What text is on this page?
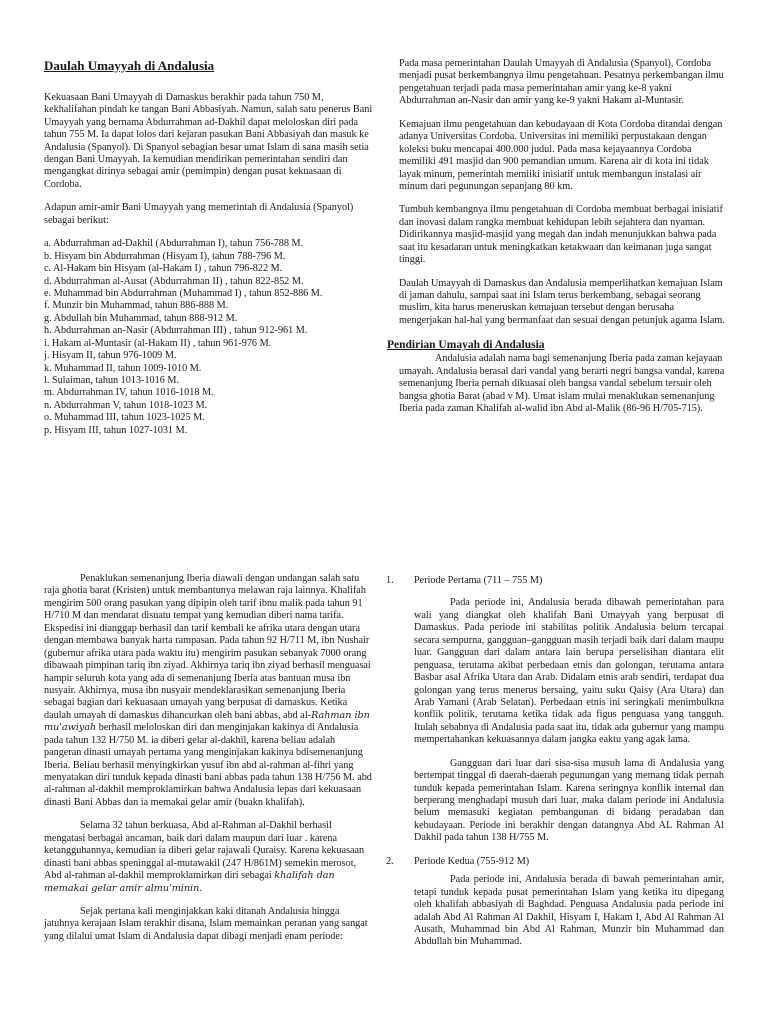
Daulah Umayyah di Andalusia

Kekuasaan Bani Umayyah di Damaskus berakhir pada tahun 750 M, kekhalifahan pindah ke tangan Bani Abbasiyah. Namun, salah satu penerus Bani Umayyah yang bernama Abdurrahman ad-Dakhil dapat meloloskan diri pada tahun 755 M. Ia dapat lolos dari kejaran pasukan Bani Abbasiyah dan masuk ke Andalusia (Spanyol). Di Spanyol sebagian besar umat Islam di sana masih setia dengan Bani Umayyah. Ia kemudian mendirikan pemerintahan sendiri dan mengangkat dirinya sebagai amir (pemimpin) dengan pusat kekuasaan di Cordoba.

Adapun amir-amir Bani Umayyah yang memerintah di Andalusia (Spanyol) sebagai berikut:

a. Abdurrahman ad-Dakhil (Abdurrahman I), tahun 756-788 M.
b. Hisyam bin Abdurrahman (Hisyam I), tahun 788-796 M.
c. Al-Hakam bin Hisyam (al-Hakam I) , tahun 796-822 M.
d. Abdurrahman al-Ausat (Abdurrahman II) , tahun 822-852 M.
e. Muhammad bin Abdurrahman (Muhammad I) , tahun 852-886 M.
f. Munzir bin Muhammad, tahun 886-888 M.
g. Abdullah bin Muhammad, tahun 888-912 M.
h. Abdurrahman an-Nasir (Abdurrahman III) , tahun 912-961 M.
i. Hakam al-Muntasir (al-Hakam II) , tahun 961-976 M.
j. Hisyam II, tahun 976-1009 M.
k. Muhammad II, tahun 1009-1010 M.
l. Sulaiman, tahun 1013-1016 M.
m. Abdurrahman IV, tahun 1016-1018 M.
n. Abdurrahman V, tahun 1018-1023 M.
o. Muhammad III, tahun 1023-1025 M.
p. Hisyam III, tahun 1027-1031 M.

Pada masa pemerintahan Daulah Umayyah di Andalusia (Spanyol), Cordoba menjadi pusat berkembangnya ilmu pengetahuan. Pesatnya perkembangan ilmu pengetahuan terjadi pada masa pemerintahan amir yang ke-8 yakni Abdurrahman an-Nasir dan amir yang ke-9 yakni Hakam al-Muntasir.

Kemajuan ilmu pengetahuan dan kebudayaan di Kota Cordoba ditandai dengan adanya Universitas Cordoba. Universitas ini memiliki perpustakaan dengan koleksi buku mencapai 400.000 judul. Pada masa kejayaannya Cordoba memiliki 491 masjid dan 900 pemandian umum. Karena air di kota ini tidak layak minum, pemerintah memiiki inisiatif untuk membangun instalasi air minum dari pegunungan sepanjang 80 km.

Tumbuh kembangnya ilmu pengetahuan di Cordoba membuat berbagai inisiatif dan inovasi dalam rangka membuat kehidupan lebih sejahtera dan nyaman. Didirikannya masjid-masjid yang megah dan indah menunjukkan bahwa pada saat itu kesadaran untuk meningkatkan ketakwaan dan keimanan juga sangat tinggi.

Daulah Umayyah di Damaskus dan Andalusia memperlihatkan kemajuan Islam di jaman dahulu, sampai saat ini Islam terus berkembang, sebagai seorang muslim, kita harus meneruskan kemajuan tersebut dengan berusaha mengerjakan hal-hal yang bermanfaat dan sesuai dengan petunjuk agama Islam.

Pendirian Umayah di Andalusia

Andalusia adalah nama bagi semenanjung Iberia pada zaman kejayaan umayah. Andalusia berasal dari vandal yang berarti negri bangsa vandal, karena semenanjung Iberia pernah dikuasai oleh bangsa vandal sebelum tersuir oleh bangsa ghotia Barat (abad v M). Umat islam mulai menaklukan semenanjung Iberia pada zaman Khalifah al-walid ibn Abd al-Malik (86-96 H/705-715).

Penaklukan semenanjung Iberia diawali dengan undangan salah satu raja ghotia barat (Kristen) untuk membantunya melawan raja lainnya. Khalifah mengirim 500 orang pasukan yang dipipin oleh tarif ibnu malik pada tahun 91 H/710 M dan mendarat disuatu tempat yang kemudian diberi nama tarifa. Ekspedisi ini dianggap berhasil dan tarif kembali ke afrika utara dengan utara dengan membawa banyak harta rampasan. Pada tahun 92 H/711 M, ibn Nushair (gubernur afrika utara pada waktu itu) mengirim pasukan sebanyak 7000 orang dibawaah pimpinan tariq ibn ziyad. Akhirnya tariq ibn ziyad berhasil menguasai hampir seluruh kota yang ada di semenanjung Iberia atas bantuan musa ibn nusyair. Akhirnya, musa ibn nusyair mendeklarasikan semenanjung Iberia sebagai bagian dari kekuasaan umayah yang berpusat di damaskus. Ketika daulah umayah di damaskus dihancurkan oleh bani abbas, abd al-Rahman ibn mu'awiyah berhasil meloloskan diri dan menginjakan kakinya di Andalusia pada tahun 132 H/750 M. ia diberi gelar al-dakhil, karena beliau adalah pangeran dinasti umayah pertama yang menginjakan kakinya bdisemenanjung Iberia. Beliau berhasil menyingkirkan yusuf ibn abd al-rahman al-fihri yang menyatakan diri tunduk kepada dinasti bani abbas pada tahun 138 H/756 M. abd al-rahman al-dakhil memproklamirkan bahwa Andalusia lepas dari kekuasaan dinasti Bani Abbas dan ia memakai gelar amir (buakn khalifah).

Selama 32 tahun berkuasa, Abd al-Rahman al-Dakhil berhasil mengatasi berbagai ancaman, baik dari dalam maupun dari luar . karena ketangguhannya, kemudian ia diberi gelar rajawali Quraisy. Karena kekuasaan dinasti bani abbas speninggal al-mutawakil (247 H/861M) semekin merosot, Abd al-rahman al-dakhil memproklamirkan diri sebagai khalifah dan memakai gelar amir almu'minin.

Sejak pertana kali menginjakkan kaki ditanah Andalusia hingga jatuhnya kerajaan Islam terakhir disana, Islam memainkan peranan yang sangat yang dilalui umat Islam di Andalusia dapat dibagi menjadi enam periode:

1.	Periode Pertama (711 – 755 M)

Pada periode ini, Andalusia berada dibawah pemerintahan para wali yang diangkat oleh khalifah Bani Umayyah yang berpusat di Damaskus. Pada periode ini stabilitas politik Andalusia belum tercapai secara sempurna, gangguan–gangguan masih terjadi baik dari dalam maupu luar. Gangguan dari dalam antara lain berupa perselisihan diantara elit penguasa, terutama akibat perbedaan etnis dan golongan, terutama antara Basbar asal Afrika Utara dan Arab. Didalam etnis arab sendiri, terdapat dua golongan yang terus menerus bersaing, yaitu suku Qaisy (Ara Utara) dan Arab Yamani (Arab Selatan). Perbedaan etnis ini seringkali menimbulkna konflik politik, terutama ketika tidak ada figus penguasa yang tangguh. Itulah sebabnya di Andalusia pada saat itu, tidak ada gubernur yang mampu mempertahankan kekuasannya dalam jangka eaktu yang agak lama.

Gangguan dari luar dari sisa-sisa musuh lama di Andalusia yang bertempat tinggal di daerah-daerah pegunungan yang memang tidak pernah tunduk kepada pemerintahan Islam. Karena seringnya konflik internal dan berperang menghadapi musuh dari luar, maka dalam periode ini Andalusia belum memasuki kegiatan pembangunan di bidang peradaban dan kebudayaan. Periode ini berakhir dengan datangnya Abd AL Rahman Al Dakhil pada tahun 138 H/755 M.

2.	Periode Kedua (755-912 M)

Pada periode ini, Andalusia berada di bawah pemerintahan amir, tetapi tunduk kepada pusat pemerintahan Islam yang ketika itu dipegang oleh khalifah abbasiyah di Baghdad. Penguasa Andalusia pada periode ini adalah Abd Al Rahman Al Dakhil, Hisyam I, Hakam I, Abd Al Rahman Al Ausath, Muhammad bin Abd Al Rahman, Munzir bin Muhammad dan Abdullah bin Muhammad.
